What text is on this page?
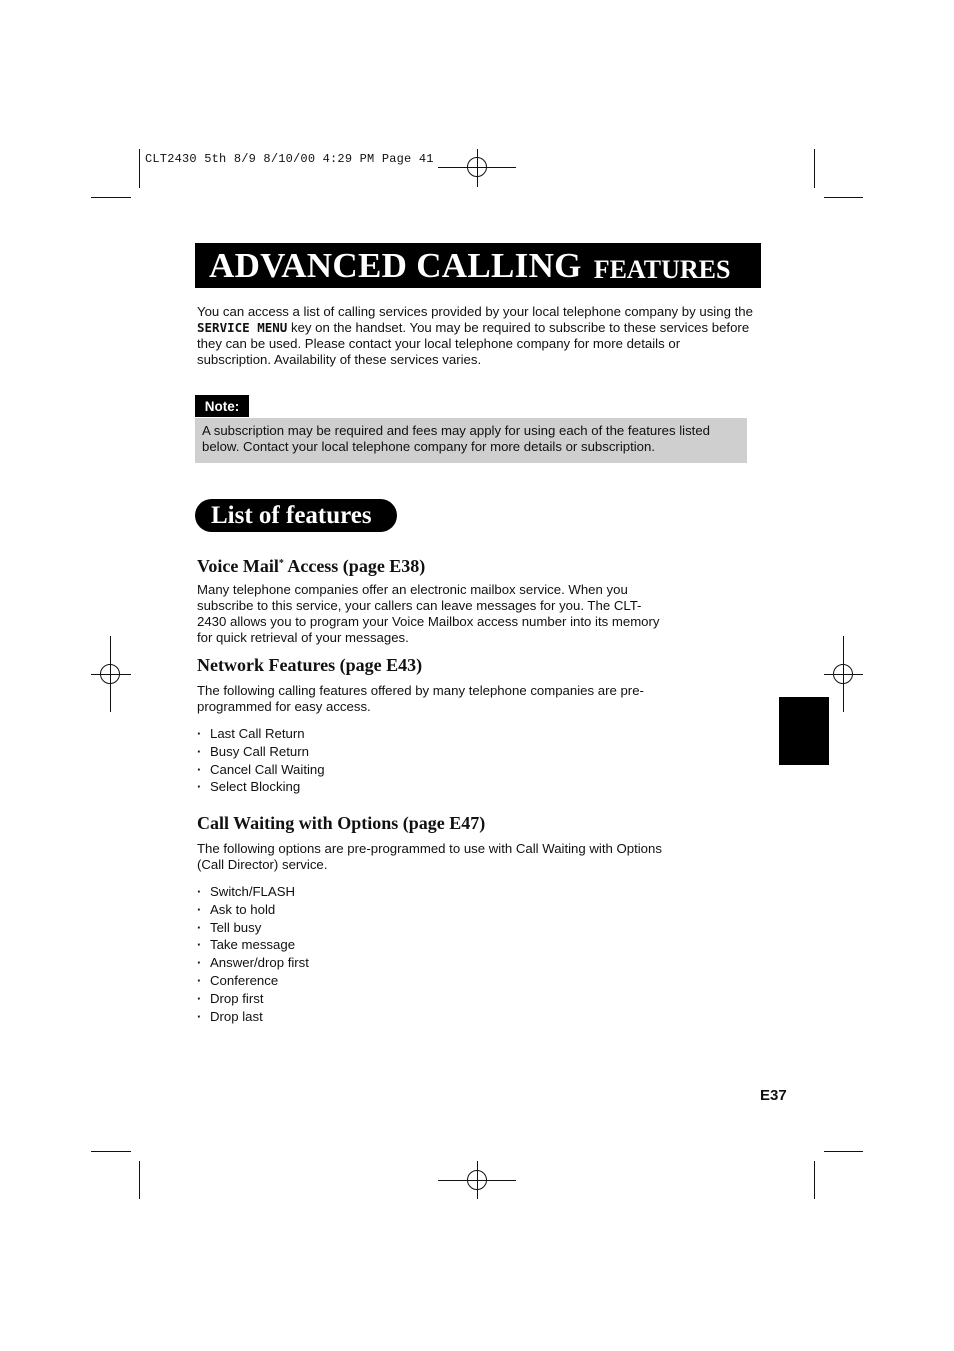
CLT2430 5th 8/9 8/10/00 4:29 PM Page 41
ADVANCED CALLING FEATURES
You can access a list of calling services provided by your local telephone company by using the SERVICE MENU key on the handset. You may be required to subscribe to these services before they can be used. Please contact your local telephone company for more details or subscription. Availability of these services varies.
Note:
A subscription may be required and fees may apply for using each of the features listed below. Contact your local telephone company for more details or subscription.
List of features
Voice Mail* Access (page E38)
Many telephone companies offer an electronic mailbox service. When you subscribe to this service, your callers can leave messages for you. The CLT-2430 allows you to program your Voice Mailbox access number into its memory for quick retrieval of your messages.
Network Features (page E43)
The following calling features offered by many telephone companies are pre-programmed for easy access.
· Last Call Return
· Busy Call Return
· Cancel Call Waiting
· Select Blocking
Call Waiting with Options (page E47)
The following options are pre-programmed to use with Call Waiting with Options (Call Director) service.
· Switch/FLASH
· Ask to hold
· Tell busy
· Take message
· Answer/drop first
· Conference
· Drop first
· Drop last
E37
